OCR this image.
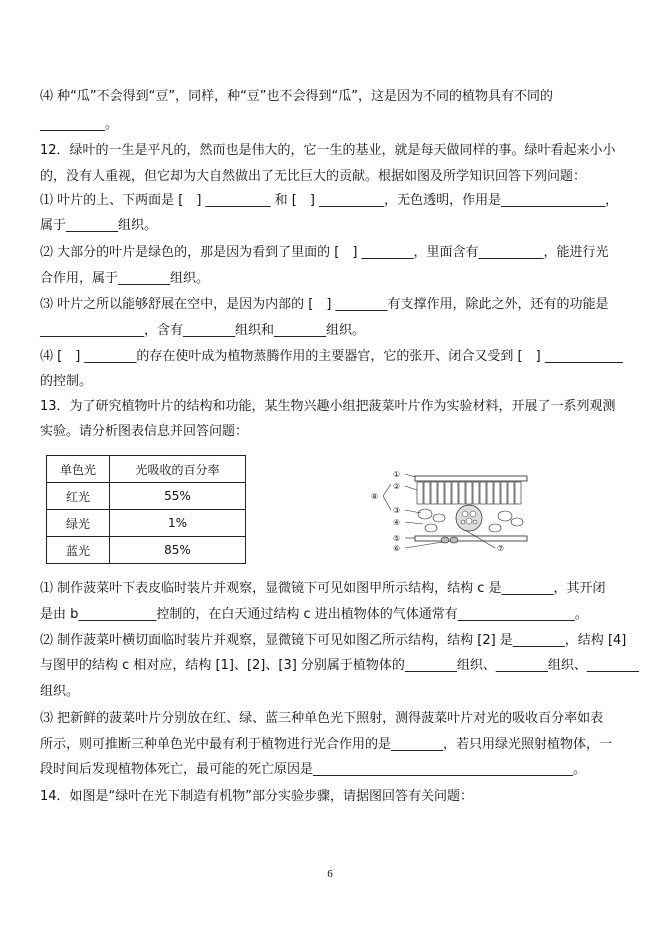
⑷ 种“瓜”不会得到“豆”，同样，种“豆”也不会得到“瓜”，这是因为不同的植物具有不同的
__________。
12．绿叶的一生是平凡的，然而也是伟大的，它一生的基业，就是每天做同样的事。绿叶看起来小小
的，没有人重视，但它却为大自然做出了无比巨大的贡献。根据如图及所学知识回答下列问题：
⑴ 叶片的上、下两面是 [　] __________ 和 [　] __________，无色透明，作用是________________，
属于________组织。
⑵ 大部分的叶片是绿色的，那是因为看到了里面的 [　] ________，里面含有__________，能进行光
合作用，属于________组织。
⑶ 叶片之所以能够舒展在空中，是因为内部的 [　] ________有支撑作用，除此之外，还有的功能是
________________，含有________组织和________组织。
⑷ [　] ________的存在使叶成为植物蒸腾作用的主要器官，它的张开、闭合又受到 [　] ____________
的控制。
13．为了研究植物叶片的结构和功能，某生物兴趣小组把菠菜叶片作为实验材料，开展了一系列观测
实验。请分析图表信息并回答问题：
单色光	光吸收的百分率
红光	55%
绿光	1%
蓝光	85%
①
②
⑧
③
④
⑤
⑥	⑦
⑴ 制作菠菜叶下表皮临时装片并观察，显微镜下可见如图甲所示结构，结构 c 是________，其开闭
是由 b____________控制的，在白天通过结构 c 进出植物体的气体通常有__________________。
⑵ 制作菠菜叶横切面临时装片并观察，显微镜下可见如图乙所示结构，结构 [2] 是________，结构 [4]
与图甲的结构 c 相对应，结构 [1]、[2]、[3] 分别属于植物体的________组织、________组织、________
组织。
⑶ 把新鲜的菠菜叶片分别放在红、绿、蓝三种单色光下照射，测得菠菜叶片对光的吸收百分率如表
所示，则可推断三种单色光中最有利于植物进行光合作用的是________，若只用绿光照射植物体，一
段时间后发现植物体死亡，最可能的死亡原因是________________________________________。
14．如图是“绿叶在光下制造有机物”部分实验步骤，请据图回答有关问题：
6
